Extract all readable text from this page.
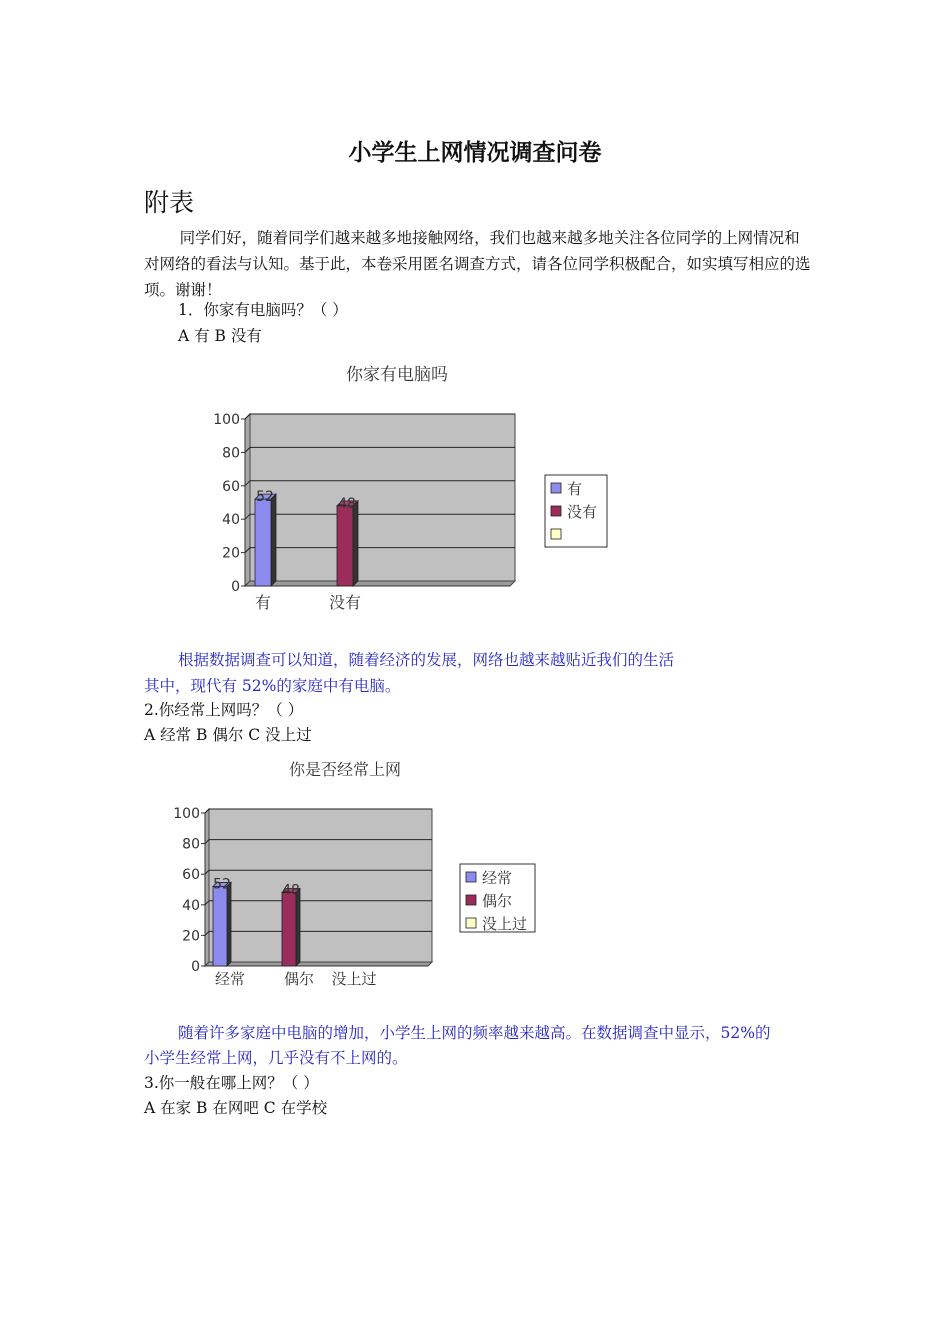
小学生上网情况调查问卷
附表
同学们好，随着同学们越来越多地接触网络，我们也越来越多地关注各位同学的上网情况和对网络的看法与认知。基于此，本卷采用匿名调查方式，请各位同学积极配合，如实填写相应的选项。谢谢！
1．你家有电脑吗？（ ）
A 有 B 没有
你家有电脑吗
0
20
40
60
80
100
52
有
48
没有
有
没有
根据数据调查可以知道，随着经济的发展，网络也越来越贴近我们的生活
其中，现代有 52%的家庭中有电脑。
2.你经常上网吗？（ ）
A 经常 B 偶尔 C 没上过
你是否经常上网
0
20
40
60
80
100
52
经常
48
偶尔 没上过
经常
偶尔
没上过
随着许多家庭中电脑的增加，小学生上网的频率越来越高。在数据调查中显示，52%的
小学生经常上网，几乎没有不上网的。
3.你一般在哪上网？（ ）
A 在家 B 在网吧 C 在学校
